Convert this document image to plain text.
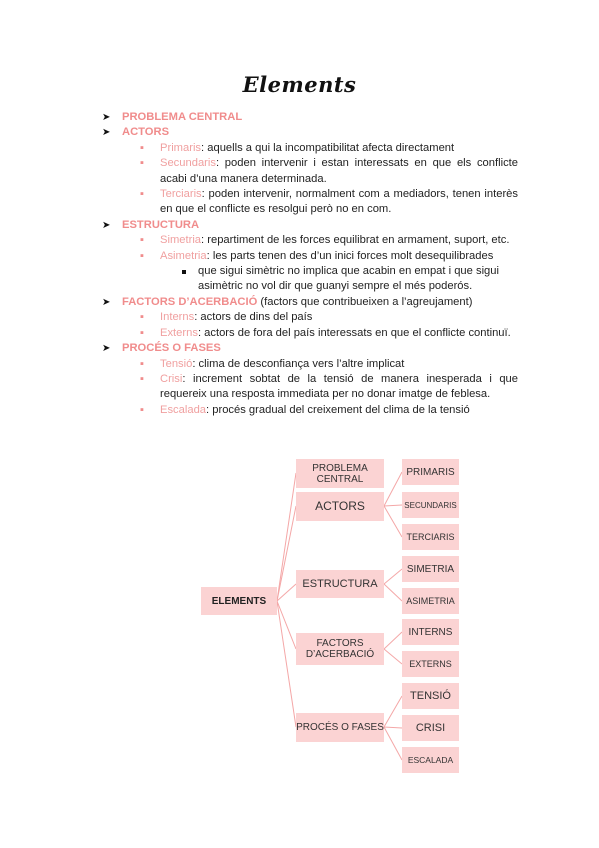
Elements
➤ PROBLEMA CENTRAL
➤ ACTORS
▪ Primaris: aquells a qui la incompatibilitat afecta directament
▪ Secundaris: poden intervenir i estan interessats en que els conflicte acabi d’una manera determinada.
▪ Terciaris: poden intervenir, normalment com a mediadors, tenen interès en que el conflicte es resolgui però no en com.
➤ ESTRUCTURA
▪ Simetria: repartiment de les forces equilibrat en armament, suport, etc.
▪ Asimetria: les parts tenen des d’un inici forces molt desequilibrades
que sigui simètric no implica que acabin en empat i que sigui asimètric no vol dir que guanyi sempre el més poderós.
➤ FACTORS D’ACERBACIÓ (factors que contribueixen a l’agreujament)
▪ Interns: actors de dins del país
▪ Externs: actors de fora del país interessats en que el conflicte continuï.
➤ PROCÉS O FASES
▪ Tensió: clima de desconfiança vers l’altre implicat
▪ Crisi: increment sobtat de la tensió de manera inesperada i que requereix una resposta immediata per no donar imatge de feblesa.
▪ Escalada: procés gradual del creixement del clima de la tensió
ELEMENTS
PROBLEMA CENTRAL
ACTORS
ESTRUCTURA
FACTORS D’ACERBACIÓ
PROCÉS O FASES
PRIMARIS
SECUNDARIS
TERCIARIS
SIMETRIA
ASIMETRIA
INTERNS
EXTERNS
TENSIÓ
CRISI
ESCALADA
